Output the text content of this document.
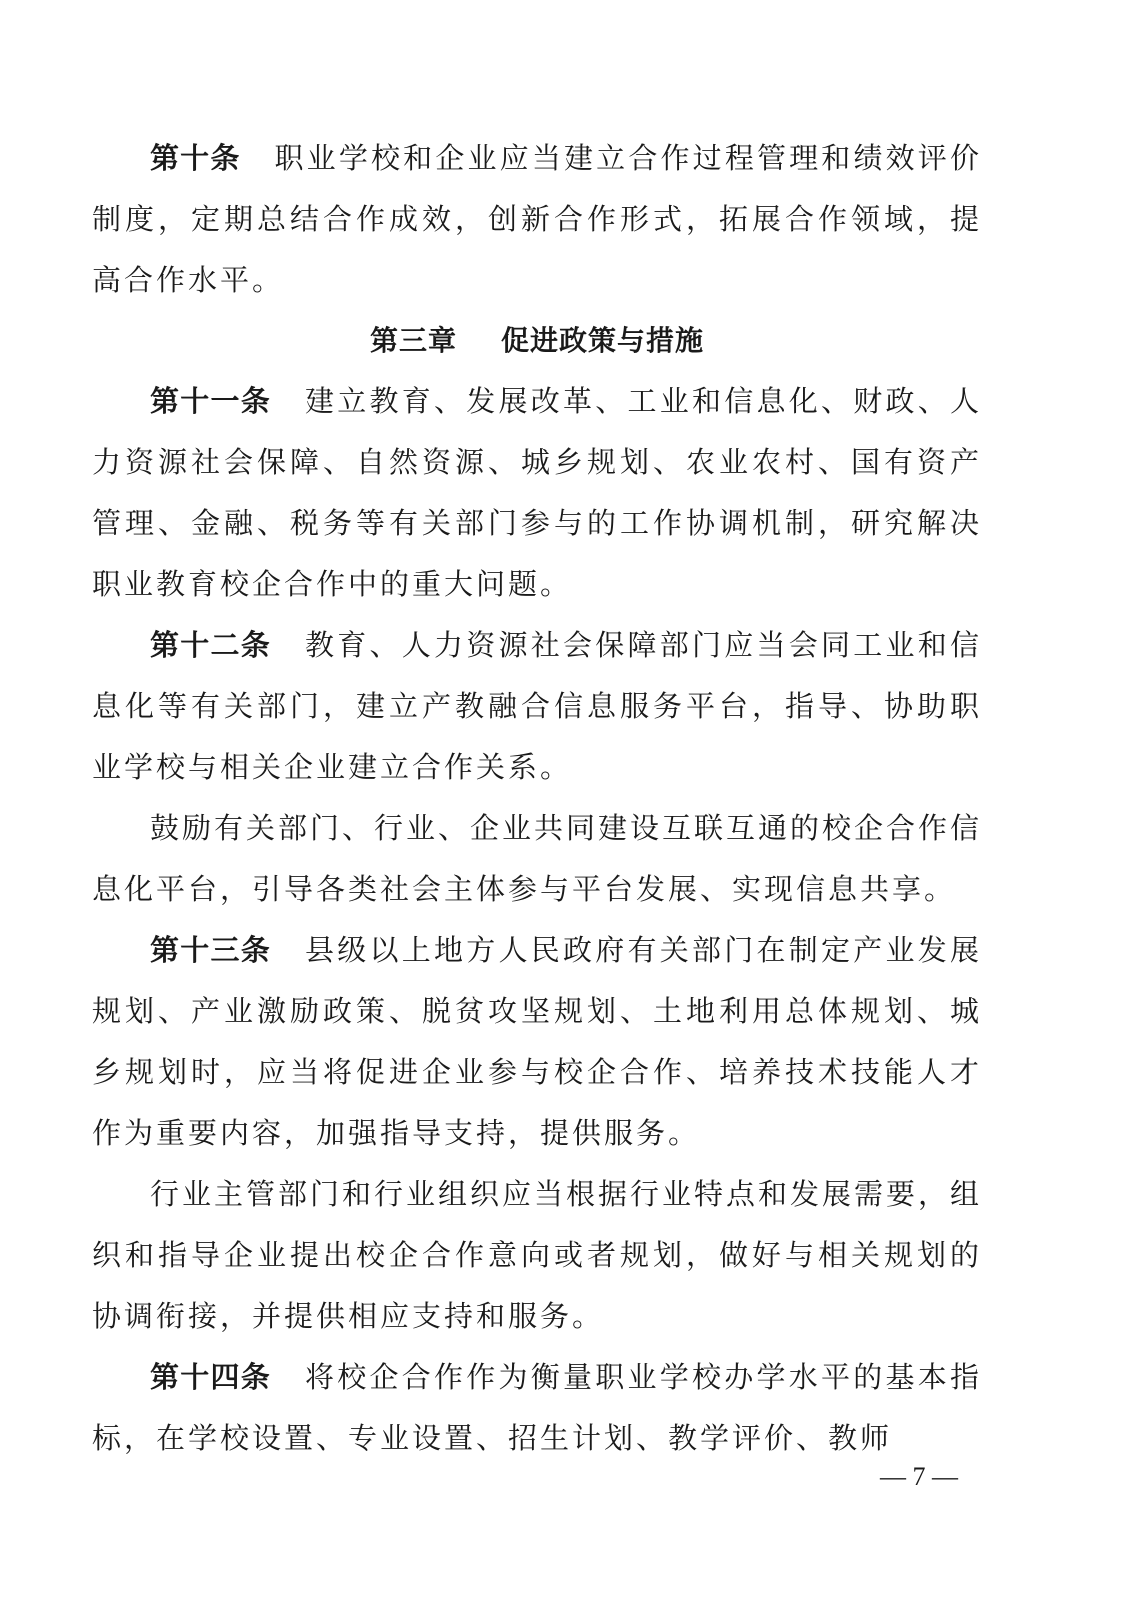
第十条 职业学校和企业应当建立合作过程管理和绩效评价制度，定期总结合作成效，创新合作形式，拓展合作领域，提高合作水平。

第三章 促进政策与措施

第十一条 建立教育、发展改革、工业和信息化、财政、人力资源社会保障、自然资源、城乡规划、农业农村、国有资产管理、金融、税务等有关部门参与的工作协调机制，研究解决职业教育校企合作中的重大问题。

第十二条 教育、人力资源社会保障部门应当会同工业和信息化等有关部门，建立产教融合信息服务平台，指导、协助职业学校与相关企业建立合作关系。

鼓励有关部门、行业、企业共同建设互联互通的校企合作信息化平台，引导各类社会主体参与平台发展、实现信息共享。

第十三条 县级以上地方人民政府有关部门在制定产业发展规划、产业激励政策、脱贫攻坚规划、土地利用总体规划、城乡规划时，应当将促进企业参与校企合作、培养技术技能人才作为重要内容，加强指导支持，提供服务。

行业主管部门和行业组织应当根据行业特点和发展需要，组织和指导企业提出校企合作意向或者规划，做好与相关规划的协调衔接，并提供相应支持和服务。

第十四条 将校企合作作为衡量职业学校办学水平的基本指标，在学校设置、专业设置、招生计划、教学评价、教师

— 7 —
